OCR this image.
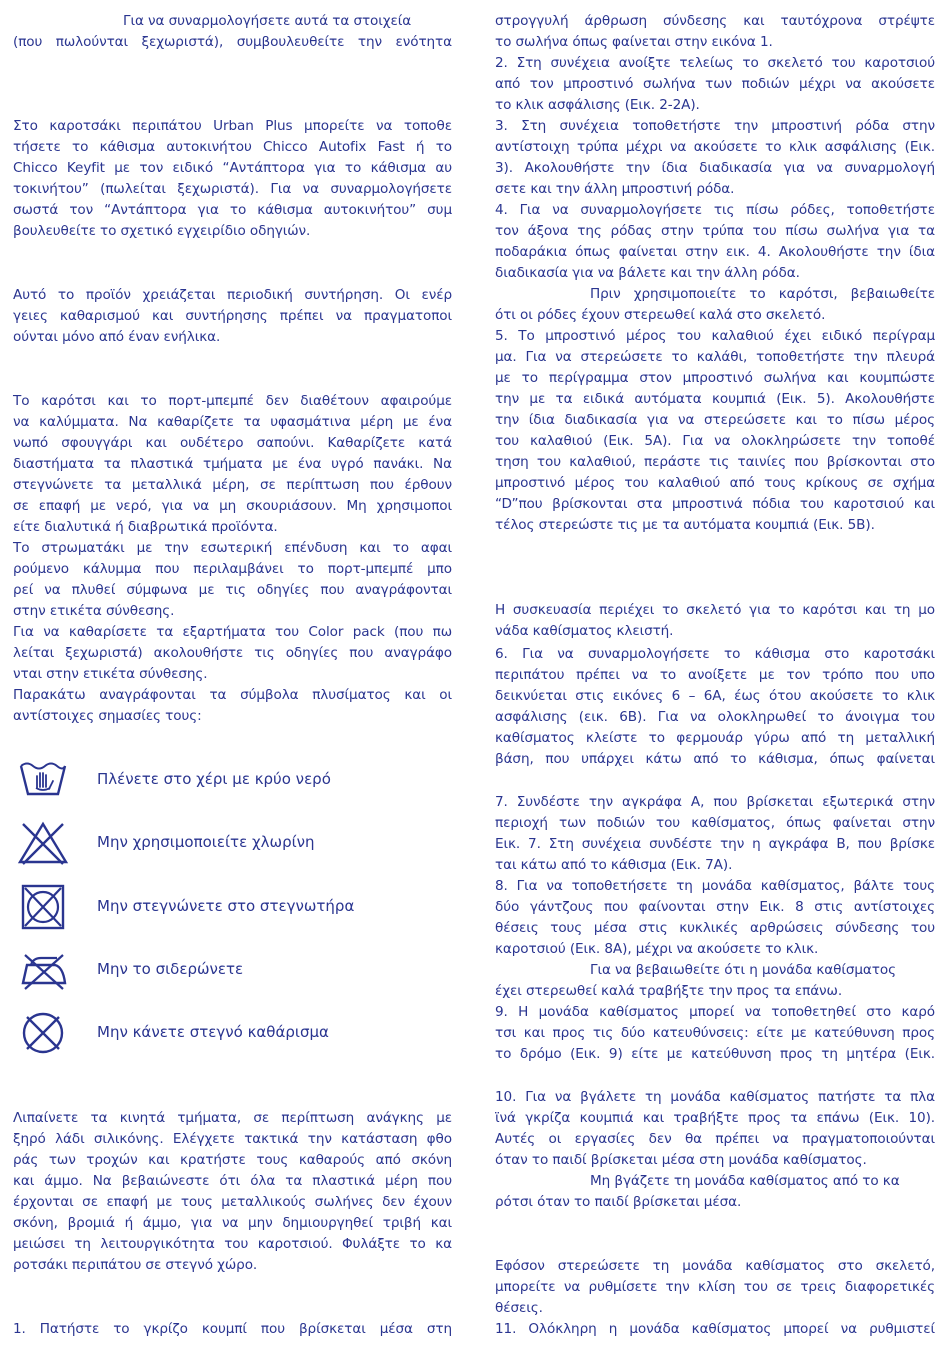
Για να συναρμολογήσετε αυτά τα στοιχεία
(που πωλούνται ξεχωριστά), συμβουλευθείτε την ενότητα
Στο καροτσάκι περιπάτου Urban Plus μπορείτε να τοποθε
τήσετε το κάθισμα αυτοκινήτου Chicco Autofix Fast ή το
Chicco Keyfit με τον ειδικό “Αντάπτορα για το κάθισμα αυ
τοκινήτου” (πωλείται ξεχωριστά). Για να συναρμολογήσετε
σωστά τον “Αντάπτορα για το κάθισμα αυτοκινήτου” συμ
βουλευθείτε το σχετικό εγχειρίδιο οδηγιών.
Αυτό το προϊόν χρειάζεται περιοδική συντήρηση. Οι ενέρ
γειες καθαρισμού και συντήρησης πρέπει να πραγματοποι
ούνται μόνο από έναν ενήλικα.
Το καρότσι και το πορτ-μπεμπέ δεν διαθέτουν αφαιρούμε
να καλύμματα. Να καθαρίζετε τα υφασμάτινα μέρη με ένα
νωπό σφουγγάρι και ουδέτερο σαπούνι. Καθαρίζετε κατά
διαστήματα τα πλαστικά τμήματα με ένα υγρό πανάκι. Να
στεγνώνετε τα μεταλλικά μέρη, σε περίπτωση που έρθουν
σε επαφή με νερό, για να μη σκουριάσουν. Μη χρησιμοποι
είτε διαλυτικά ή διαβρωτικά προϊόντα.
Το στρωματάκι με την εσωτερική επένδυση και το αφαι
ρούμενο κάλυμμα που περιλαμβάνει το πορτ-μπεμπέ μπο
ρεί να πλυθεί σύμφωνα με τις οδηγίες που αναγράφονται
στην ετικέτα σύνθεσης.
Για να καθαρίσετε τα εξαρτήματα του Color pack (που πω
λείται ξεχωριστά) ακολουθήστε τις οδηγίες που αναγράφο
νται στην ετικέτα σύνθεσης.
Παρακάτω αναγράφονται τα σύμβολα πλυσίματος και οι
αντίστοιχες σημασίες τους:
Λιπαίνετε τα κινητά τμήματα, σε περίπτωση ανάγκης με
ξηρό λάδι σιλικόνης. Ελέγχετε τακτικά την κατάσταση φθο
ράς των τροχών και κρατήστε τους καθαρούς από σκόνη
και άμμο. Να βεβαιώνεστε ότι όλα τα πλαστικά μέρη που
έρχονται σε επαφή με τους μεταλλικούς σωλήνες δεν έχουν
σκόνη, βρομιά ή άμμο, για να μην δημιουργηθεί τριβή και
μειώσει τη λειτουργικότητα του καροτσιού. Φυλάξτε το κα
ροτσάκι περιπάτου σε στεγνό χώρο.
1. Πατήστε το γκρίζο κουμπί που βρίσκεται μέσα στη
στρογγυλή άρθρωση σύνδεσης και ταυτόχρονα στρέψτε
το σωλήνα όπως φαίνεται στην εικόνα 1.
2. Στη συνέχεια ανοίξτε τελείως το σκελετό του καροτσιού
από τον μπροστινό σωλήνα των ποδιών μέχρι να ακούσετε
το κλικ ασφάλισης (Εικ. 2-2A).
3. Στη συνέχεια τοποθετήστε την μπροστινή ρόδα στην
αντίστοιχη τρύπα μέχρι να ακούσετε το κλικ ασφάλισης (Εικ.
3). Ακολουθήστε την ίδια διαδικασία για να συναρμολογή
σετε και την άλλη μπροστινή ρόδα.
4. Για να συναρμολογήσετε τις πίσω ρόδες, τοποθετήστε
τον άξονα της ρόδας στην τρύπα του πίσω σωλήνα για τα
ποδαράκια όπως φαίνεται στην εικ. 4. Ακολουθήστε την ίδια
διαδικασία για να βάλετε και την άλλη ρόδα.
Πριν χρησιμοποιείτε το καρότσι, βεβαιωθείτε
ότι οι ρόδες έχουν στερεωθεί καλά στο σκελετό.
5. Το μπροστινό μέρος του καλαθιού έχει ειδικό περίγραμ
μα. Για να στερεώσετε το καλάθι, τοποθετήστε την πλευρά
με το περίγραμμα στον μπροστινό σωλήνα και κουμπώστε
την με τα ειδικά αυτόματα κουμπιά (Εικ. 5). Ακολουθήστε
την ίδια διαδικασία για να στερεώσετε και το πίσω μέρος
του καλαθιού (Εικ. 5A). Για να ολοκληρώσετε την τοποθέ
τηση του καλαθιού, περάστε τις ταινίες που βρίσκονται στο
μπροστινό μέρος του καλαθιού από τους κρίκους σε σχήμα
“D”που βρίσκονται στα μπροστινά πόδια του καροτσιού και
τέλος στερεώστε τις με τα αυτόματα κουμπιά (Εικ. 5B).
Η συσκευασία περιέχει το σκελετό για το καρότσι και τη μο
νάδα καθίσματος κλειστή.
6. Για να συναρμολογήσετε το κάθισμα στο καροτσάκι
περιπάτου πρέπει να το ανοίξετε με τον τρόπο που υπο
δεικνύεται στις εικόνες 6 – 6A, έως ότου ακούσετε το κλικ
ασφάλισης (εικ. 6B). Για να ολοκληρωθεί το άνοιγμα του
καθίσματος κλείστε το φερμουάρ γύρω από τη μεταλλική
βάση, που υπάρχει κάτω από το κάθισμα, όπως φαίνεται
7. Συνδέστε την αγκράφα A, που βρίσκεται εξωτερικά στην
περιοχή των ποδιών του καθίσματος, όπως φαίνεται στην
Εικ. 7. Στη συνέχεια συνδέστε την η αγκράφα B, που βρίσκε
ται κάτω από το κάθισμα (Εικ. 7A).
8. Για να τοποθετήσετε τη μονάδα καθίσματος, βάλτε τους
δύο γάντζους που φαίνονται στην Εικ. 8 στις αντίστοιχες
θέσεις τους μέσα στις κυκλικές αρθρώσεις σύνδεσης του
καροτσιού (Εικ. 8A), μέχρι να ακούσετε το κλικ.
Για να βεβαιωθείτε ότι η μονάδα καθίσματος
έχει στερεωθεί καλά τραβήξτε την προς τα επάνω.
9. Η μονάδα καθίσματος μπορεί να τοποθετηθεί στο καρό
τσι και προς τις δύο κατευθύνσεις: είτε με κατεύθυνση προς
το δρόμο (Εικ. 9) είτε με κατεύθυνση προς τη μητέρα (Εικ.
10. Για να βγάλετε τη μονάδα καθίσματος πατήστε τα πλα
ϊνά γκρίζα κουμπιά και τραβήξτε προς τα επάνω (Εικ. 10).
Αυτές οι εργασίες δεν θα πρέπει να πραγματοποιούνται
όταν το παιδί βρίσκεται μέσα στη μονάδα καθίσματος.
Μη βγάζετε τη μονάδα καθίσματος από το κα
ρότσι όταν το παιδί βρίσκεται μέσα.
Εφόσον στερεώσετε τη μονάδα καθίσματος στο σκελετό,
μπορείτε να ρυθμίσετε την κλίση του σε τρεις διαφορετικές
θέσεις.
11. Ολόκληρη η μονάδα καθίσματος μπορεί να ρυθμιστεί
Πλένετε στο χέρι με κρύο νερό
Μην χρησιμοποιείτε χλωρίνη
Μην στεγνώνετε στο στεγνωτήρα
Μην το σιδερώνετε
Μην κάνετε στεγνό καθάρισμα
